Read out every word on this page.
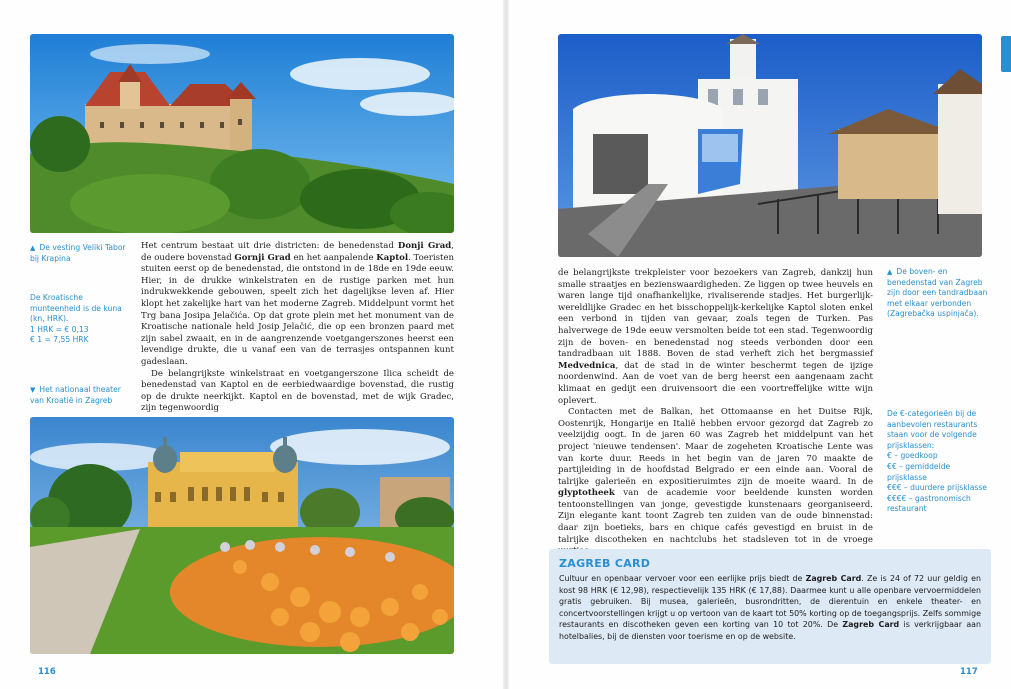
▲ De vesting Veliki Tabor bij Krapina
De Kroatische munteenheid is de kuna (kn, HRK).
1 HRK = € 0,13
€ 1 = 7,55 HRK
▼ Het nationaal theater van Kroatië in Zagreb

Het centrum bestaat uit drie districten: de benedenstad Donji Grad, de oudere bovenstad Gornji Grad en het aanpalende Kaptol. Toeristen stuiten eerst op de benedenstad, die ontstond in de 18de en 19de eeuw. Hier, in de drukke winkelstraten en de rustige parken met hun indrukwekkende gebouwen, speelt zich het dagelijkse leven af. Hier klopt het zakelijke hart van het moderne Zagreb. Middelpunt vormt het Trg bana Josipa Jelačića. Op dat grote plein met het monument van de Kroatische nationale held Josip Jelačić, die op een bronzen paard met zijn sabel zwaait, en in de aangrenzende voetgangerszones heerst een levendige drukte, die u vanaf een van de terrasjes ontspannen kunt gadeslaan.

De belangrijkste winkelstraat en voetgangerszone Ilica scheidt de benedenstad van Kaptol en de eerbiedwaardige bovenstad, die rustig op de drukte neerkijkt. Kaptol en de bovenstad, met de wijk Gradec, zijn tegenwoordig

116
▲ De boven- en benedenstad van Zagreb zijn door een tandradbaan met elkaar verbonden (Zagrebačka uspinjača).
De €-categorieën bij de aanbevolen restaurants staan voor de volgende prijsklassen:
€ – goedkoop
€€ – gemiddelde prijsklasse
€€€ – duurdere prijsklasse
€€€€ – gastronomisch restaurant

de belangrijkste trekpleister voor bezoekers van Zagreb, dankzij hun smalle straatjes en bezienswaardigheden. Ze liggen op twee heuvels en waren lange tijd onafhankelijke, rivaliserende stadjes. Het burgerlijk-wereldlijke Gradec en het bisschoppelijk-kerkelijke Kaptol sloten enkel een verbond in tijden van gevaar, zoals tegen de Turken. Pas halverwege de 19de eeuw versmolten beide tot een stad. Tegenwoordig zijn de boven- en benedenstad nog steeds verbonden door een tandradbaan uit 1888. Boven de stad verheft zich het bergmassief Medvednica, dat de stad in de winter beschermt tegen de ijzige noordenwind. Aan de voet van de berg heerst een aangenaam zacht klimaat en gedijt een druivensoort die een voortreffelijke witte wijn oplevert.

Contacten met de Balkan, het Ottomaanse en het Duitse Rijk, Oostenrijk, Hongarije en Italië hebben ervoor gezorgd dat Zagreb zo veelzijdig oogt. In de jaren 60 was Zagreb het middelpunt van het project 'nieuwe tendensen'. Maar de zogeheten Kroatische Lente was van korte duur. Reeds in het begin van de jaren 70 maakte de partijleiding in de hoofdstad Belgrado er een einde aan. Vooral de talrijke galerieën en expositieruimtes zijn de moeite waard. In de glyptotheek van de academie voor beeldende kunsten worden tentoonstellingen van jonge, gevestigde kunstenaars georganiseerd. Zijn elegante kant toont Zagreb ten zuiden van de oude binnenstad: daar zijn boetieks, bars en chique cafés gevestigd en bruist in de talrijke discotheken en nachtclubs het stadsleven tot in de vroege

ZAGREB CARD
Cultuur en openbaar vervoer voor een eerlijke prijs biedt de Zagreb Card. Ze is 24 of 72 uur geldig en kost 98 HRK (€ 12,98), respectievelijk 135 HRK (€ 17,88). Daarmee kunt u alle openbare vervoermiddelen gratis gebruiken. Bij musea, galerieën, busrondritten, de dierentuin en enkele theater- en concertvoorstellingen krijgt u op vertoon van de kaart tot 50% korting op de toegangsprijs. Zelfs sommige restaurants en discotheken geven een korting van 10 tot 20%. De Zagreb Card is verkrijgbaar aan hotelbalies, bij de diensten voor toerisme en op de website.
117
